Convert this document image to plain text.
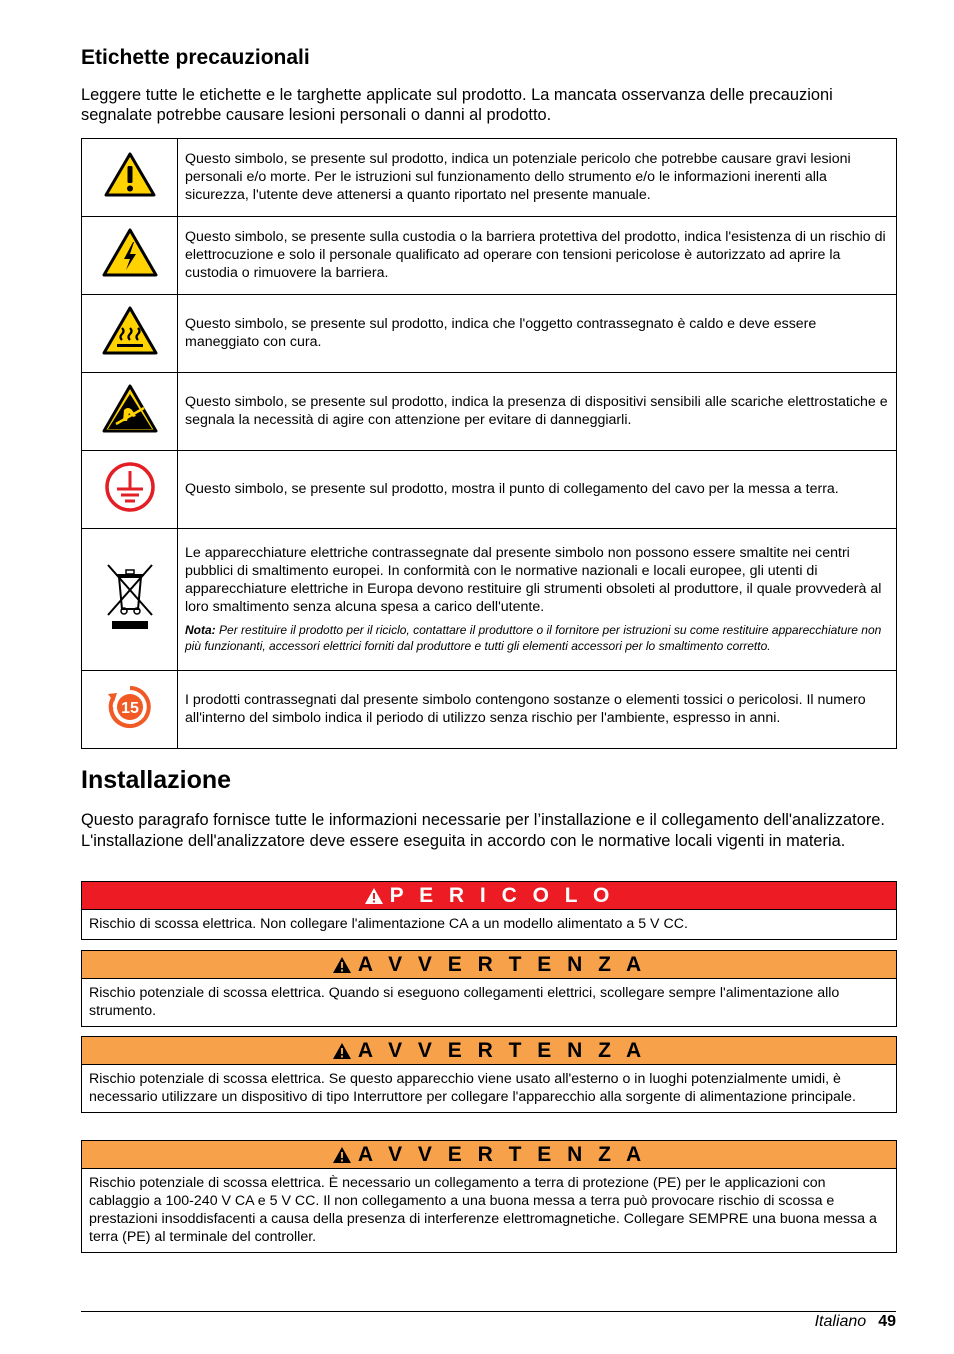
Etichette precauzionali
Leggere tutte le etichette e le targhette applicate sul prodotto. La mancata osservanza delle precauzioni segnalate potrebbe causare lesioni personali o danni al prodotto.
	Questo simbolo, se presente sul prodotto, indica un potenziale pericolo che potrebbe causare gravi lesioni personali e/o morte. Per le istruzioni sul funzionamento dello strumento e/o le informazioni inerenti alla sicurezza, l'utente deve attenersi a quanto riportato nel presente manuale.
	Questo simbolo, se presente sulla custodia o la barriera protettiva del prodotto, indica l'esistenza di un rischio di elettrocuzione e solo il personale qualificato ad operare con tensioni pericolose è autorizzato ad aprire la custodia o rimuovere la barriera.
	Questo simbolo, se presente sul prodotto, indica che l'oggetto contrassegnato è caldo e deve essere maneggiato con cura.
	Questo simbolo, se presente sul prodotto, indica la presenza di dispositivi sensibili alle scariche elettrostatiche e segnala la necessità di agire con attenzione per evitare di danneggiarli.
	Questo simbolo, se presente sul prodotto, mostra il punto di collegamento del cavo per la messa a terra.

Le apparecchiature elettriche contrassegnate dal presente simbolo non possono essere smaltite nei centri pubblici di smaltimento europei. In conformità con le normative nazionali e locali europee, gli utenti di apparecchiature elettriche in Europa devono restituire gli strumenti obsoleti al produttore, il quale provvederà al loro smaltimento senza alcuna spesa a carico dell'utente.
Nota: Per restituire il prodotto per il riciclo, contattare il produttore o il fornitore per istruzioni su come restituire apparecchiature non più funzionanti, accessori elettrici forniti dal produttore e tutti gli elementi accessori per lo smaltimento corretto.

15	I prodotti contrassegnati dal presente simbolo contengono sostanze o elementi tossici o pericolosi. Il numero all'interno del simbolo indica il periodo di utilizzo senza rischio per l'ambiente, espresso in anni.
Installazione
Questo paragrafo fornisce tutte le informazioni necessarie per l’installazione e il collegamento dell'analizzatore. L'installazione dell'analizzatore deve essere eseguita in accordo con le normative locali vigenti in materia.
P E R I C O L O
Rischio di scossa elettrica. Non collegare l'alimentazione CA a un modello alimentato a 5 V CC.
A V V E R T E N Z A
Rischio potenziale di scossa elettrica. Quando si eseguono collegamenti elettrici, scollegare sempre l'alimentazione allo strumento.
A V V E R T E N Z A
Rischio potenziale di scossa elettrica. Se questo apparecchio viene usato all'esterno o in luoghi potenzialmente umidi, è necessario utilizzare un dispositivo di tipo Interruttore per collegare l'apparecchio alla sorgente di alimentazione principale.
A V V E R T E N Z A
Rischio potenziale di scossa elettrica. È necessario un collegamento a terra di protezione (PE) per le applicazioni con cablaggio a 100-240 V CA e 5 V CC. Il non collegamento a una buona messa a terra può provocare rischio di scossa e prestazioni insoddisfacenti a causa della presenza di interferenze elettromagnetiche. Collegare SEMPRE una buona messa a terra (PE) al terminale del controller.
Italiano 49
